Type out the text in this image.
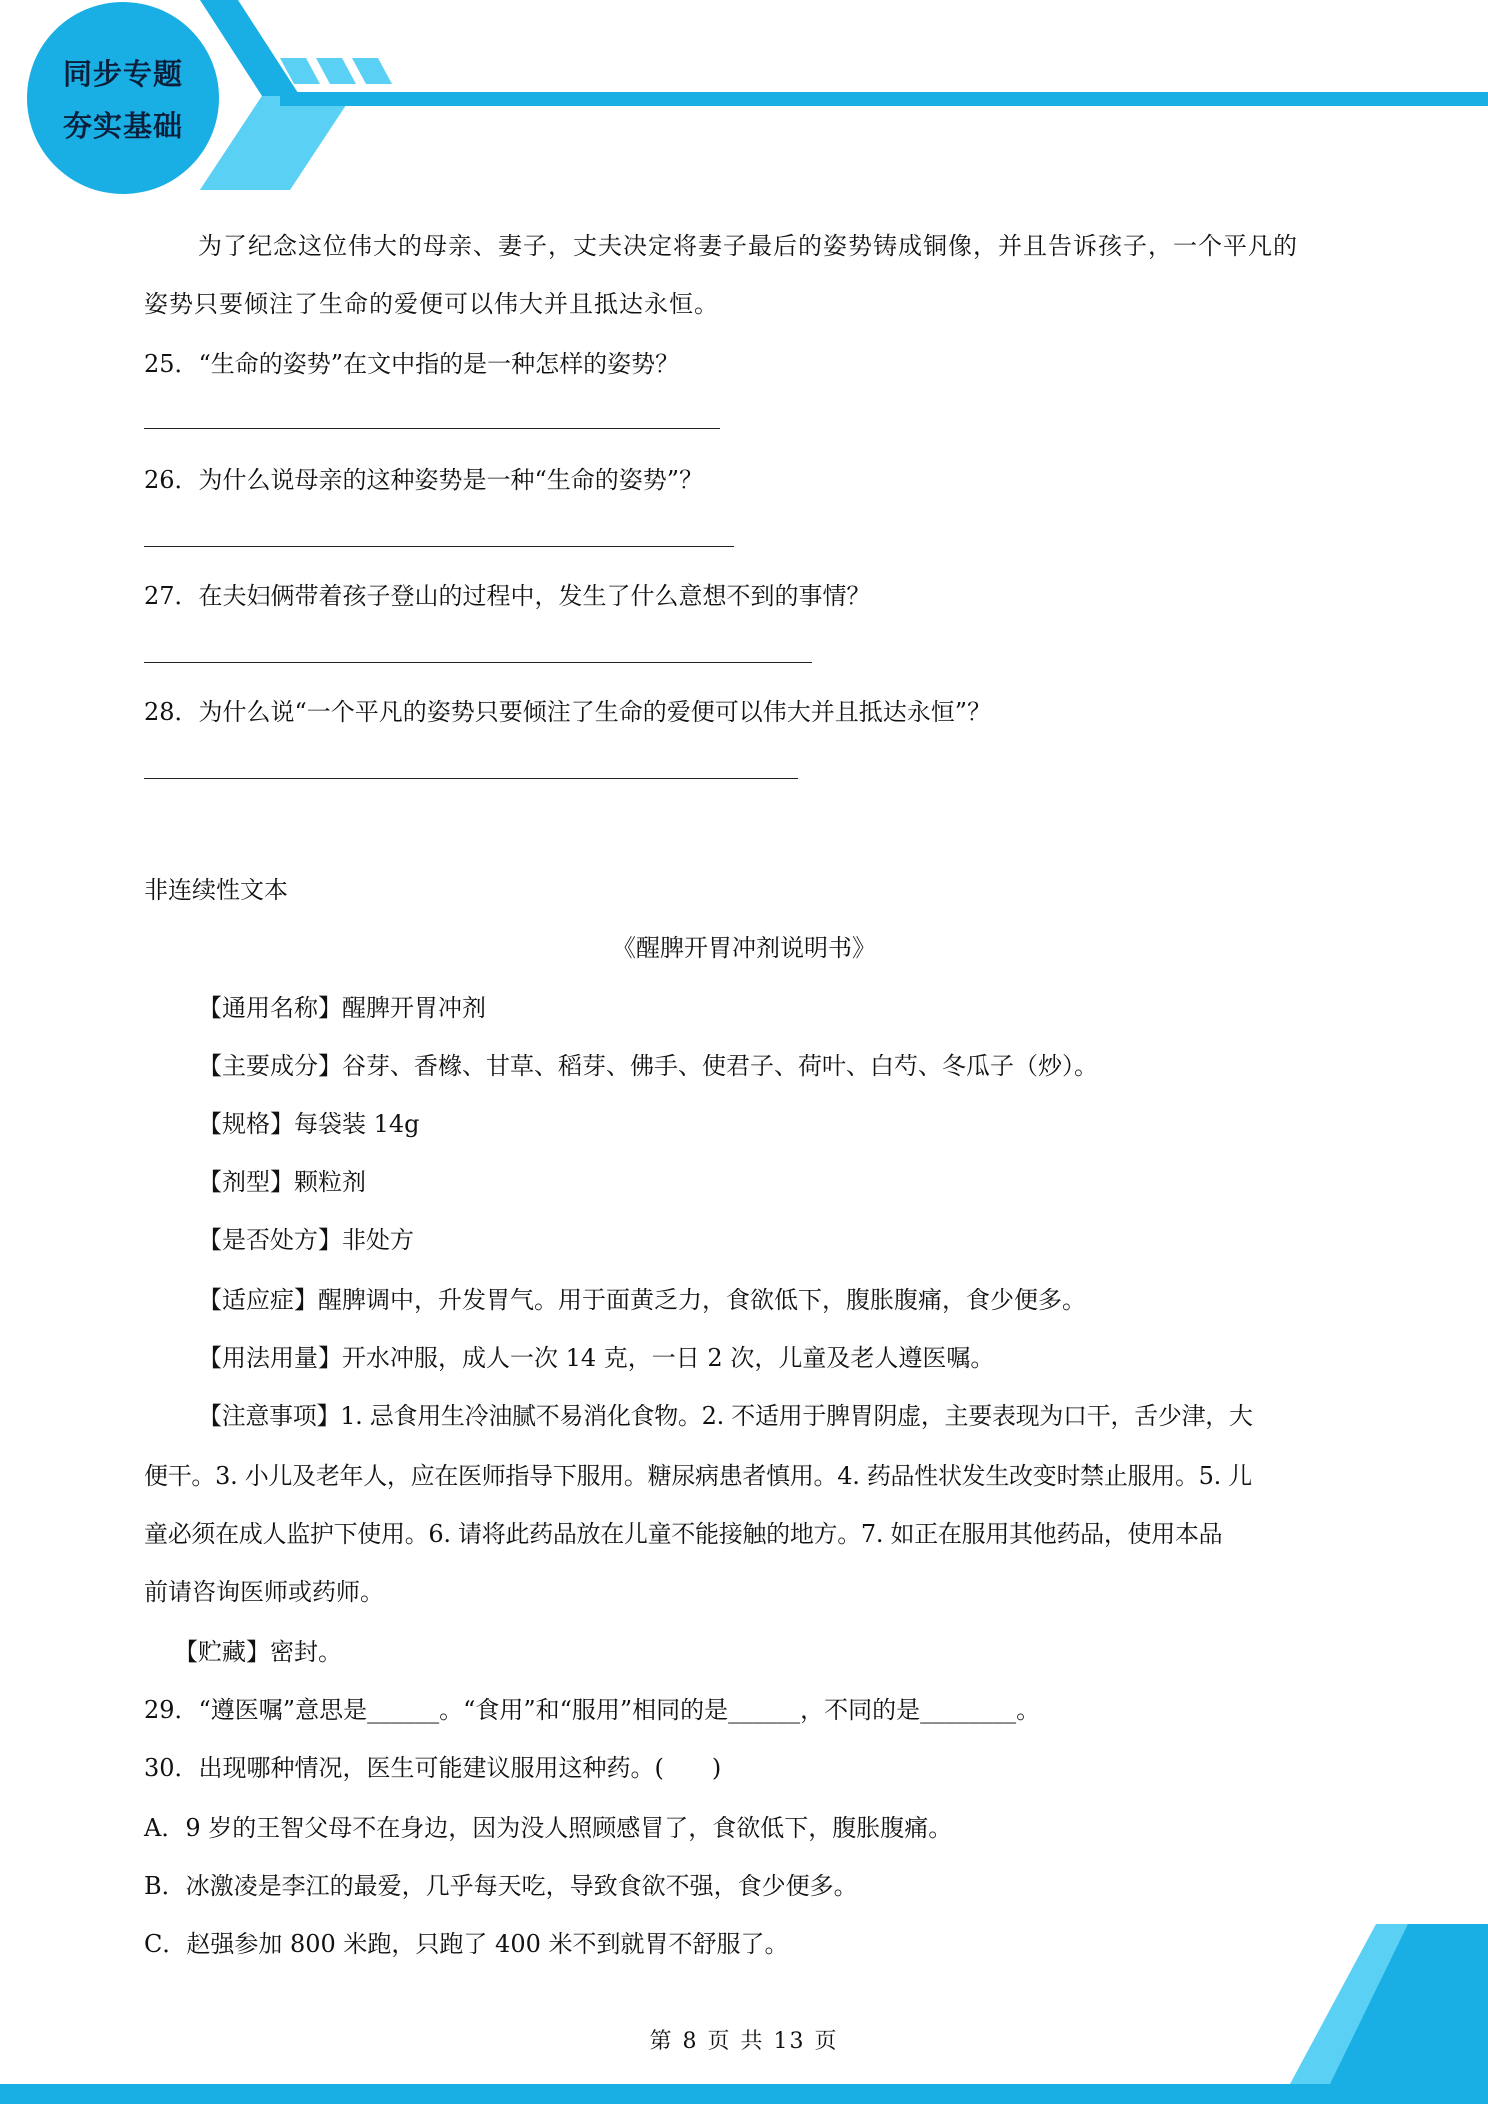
同步专题
夯实基础
为了纪念这位伟大的母亲、妻子，丈夫决定将妻子最后的姿势铸成铜像，并且告诉孩子，一个平凡的
姿势只要倾注了生命的爱便可以伟大并且抵达永恒。
25．“生命的姿势”在文中指的是一种怎样的姿势？
26．为什么说母亲的这种姿势是一种“生命的姿势”？
27．在夫妇俩带着孩子登山的过程中，发生了什么意想不到的事情？
28．为什么说“一个平凡的姿势只要倾注了生命的爱便可以伟大并且抵达永恒”？
非连续性文本
《醒脾开胃冲剂说明书》
【通用名称】醒脾开胃冲剂
【主要成分】谷芽、香橼、甘草、稻芽、佛手、使君子、荷叶、白芍、冬瓜子（炒）。
【规格】每袋装 14g
【剂型】颗粒剂
【是否处方】非处方
【适应症】醒脾调中，升发胃气。用于面黄乏力，食欲低下，腹胀腹痛，食少便多。
【用法用量】开水冲服，成人一次 14 克，一日 2 次，儿童及老人遵医嘱。
【注意事项】1. 忌食用生冷油腻不易消化食物。2. 不适用于脾胃阴虚，主要表现为口干，舌少津，大
便干。3. 小儿及老年人，应在医师指导下服用。糖尿病患者慎用。4. 药品性状发生改变时禁止服用。5. 儿
童必须在成人监护下使用。6. 请将此药品放在儿童不能接触的地方。7. 如正在服用其他药品，使用本品
前请咨询医师或药师。
【贮藏】密封。
29．“遵医嘱”意思是______。“食用”和“服用”相同的是______，不同的是________。
30．出现哪种情况，医生可能建议服用这种药。(　　)
A．9 岁的王智父母不在身边，因为没人照顾感冒了，食欲低下，腹胀腹痛。
B．冰激凌是李江的最爱，几乎每天吃，导致食欲不强，食少便多。
C．赵强参加 800 米跑，只跑了 400 米不到就胃不舒服了。
第 8 页 共 13 页
